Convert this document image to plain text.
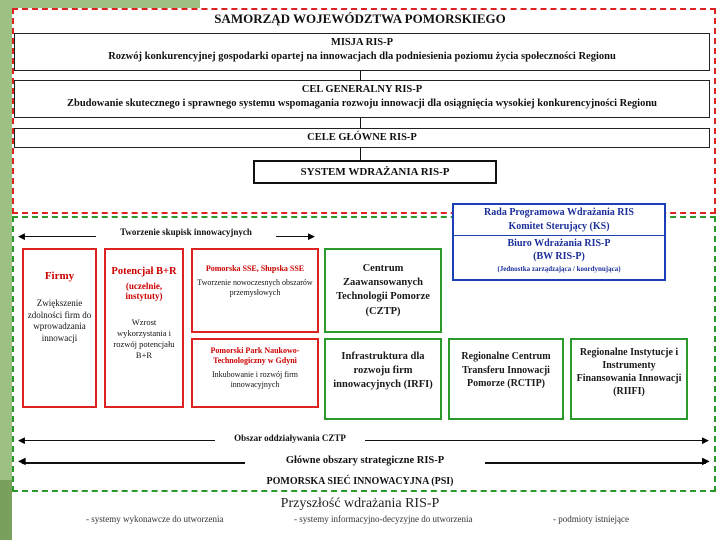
SAMORZĄD WOJEWÓDZTWA POMORSKIEGO
MISJA RIS-P
Rozwój konkurencyjnej gospodarki opartej na innowacjach dla podniesienia poziomu życia społeczności Regionu
CEL GENERALNY RIS-P
Zbudowanie skutecznego i sprawnego systemu wspomagania rozwoju innowacji dla osiągnięcia wysokiej konkurencyjności Regionu
CELE GŁÓWNE RIS-P
SYSTEM WDRAŻANIA RIS-P
Rada Programowa Wdrażania RIS
Komitet Sterujący (KS)
Biuro Wdrażania RIS-P
(BW RIS-P)
(Jednostka zarządzająca / koordynująca)
◀	▶
Tworzenie skupisk innowacyjnych
Firmy
Zwiększenie zdolności firm do wprowadzania innowacji
Potencjał B+R
(uczelnie, instytuty)
Wzrost wykorzystania i rozwój potencjału B+R
Pomorska SSE, Słupska SSE
Tworzenie nowoczesnych obszarów przemysłowych
Pomorski Park Naukowo-Technologiczny w Gdyni
Inkubowanie i rozwój firm innowacyjnych
Centrum Zaawansowanych Technologii Pomorze (CZTP)
Infrastruktura dla rozwoju firm innowacyjnych (IRFI)
Regionalne Centrum Transferu Innowacji Pomorze (RCTIP)
Regionalne Instytucje i Instrumenty Finansowania Innowacji (RIIFI)
◀	▶
Obszar oddziaływania CZTP
◀	▶
Główne obszary strategiczne RIS-P
POMORSKA SIEĆ INNOWACYJNA (PSI)
Przyszłość wdrażania RIS-P
- systemy wykonawcze do utworzenia	- systemy informacyjno-decyzyjne do utworzenia	- podmioty istniejące
